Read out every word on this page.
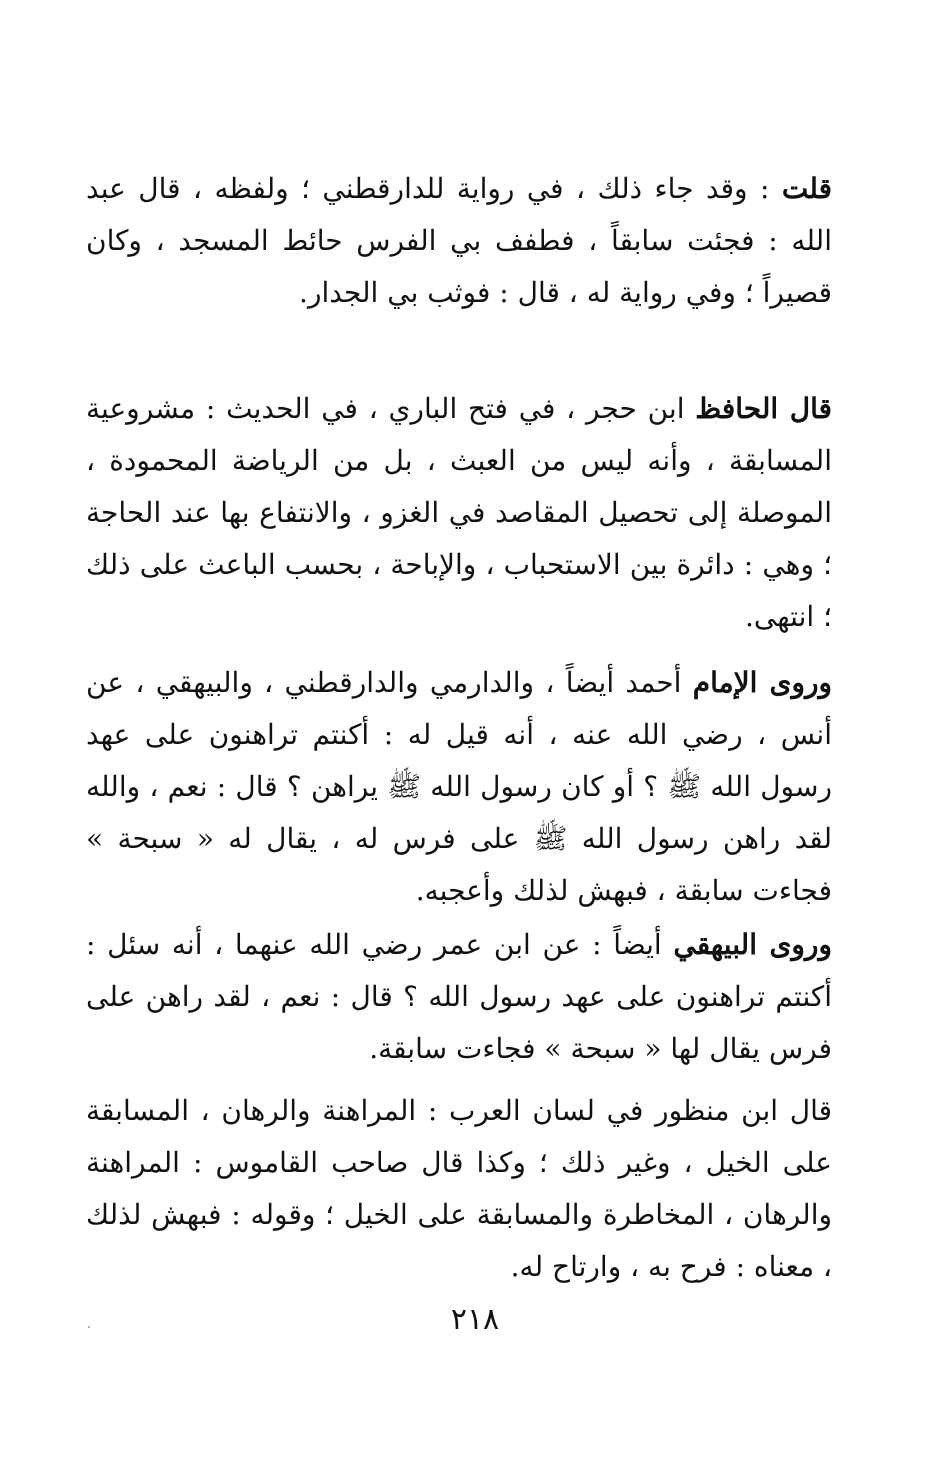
قلت : وقد جاء ذلك ، في رواية للدارقطني ؛ ولفظه ، قال عبد الله : فجئت سابقاً ، فطفف بي الفرس حائط المسجد ، وكان قصيراً ؛ وفي رواية له ، قال : فوثب بي الجدار.

قال الحافظ ابن حجر ، في فتح الباري ، في الحديث : مشروعية المسابقة ، وأنه ليس من العبث ، بل من الرياضة المحمودة ، الموصلة إلى تحصيل المقاصد في الغزو ، والانتفاع بها عند الحاجة ؛ وهي : دائرة بين الاستحباب ، والإباحة ، بحسب الباعث على ذلك ؛ انتهى.

وروى الإمام أحمد أيضاً ، والدارمي والدارقطني ، والبيهقي ، عن أنس ، رضي الله عنه ، أنه قيل له : أكنتم تراهنون على عهد رسول الله ﷺ ؟ أو كان رسول الله ﷺ يراهن ؟ قال : نعم ، والله لقد راهن رسول الله ﷺ على فرس له ، يقال له « سبحة » فجاءت سابقة ، فبهش لذلك وأعجبه.

وروى البيهقي أيضاً : عن ابن عمر رضي الله عنهما ، أنه سئل : أكنتم تراهنون على عهد رسول الله ؟ قال : نعم ، لقد راهن على فرس يقال لها « سبحة » فجاءت سابقة.

قال ابن منظور في لسان العرب : المراهنة والرهان ، المسابقة على الخيل ، وغير ذلك ؛ وكذا قال صاحب القاموس : المراهنة والرهان ، المخاطرة والمسابقة على الخيل ؛ وقوله : فبهش لذلك ، معناه : فرح به ، وارتاح له.

٢١٨
